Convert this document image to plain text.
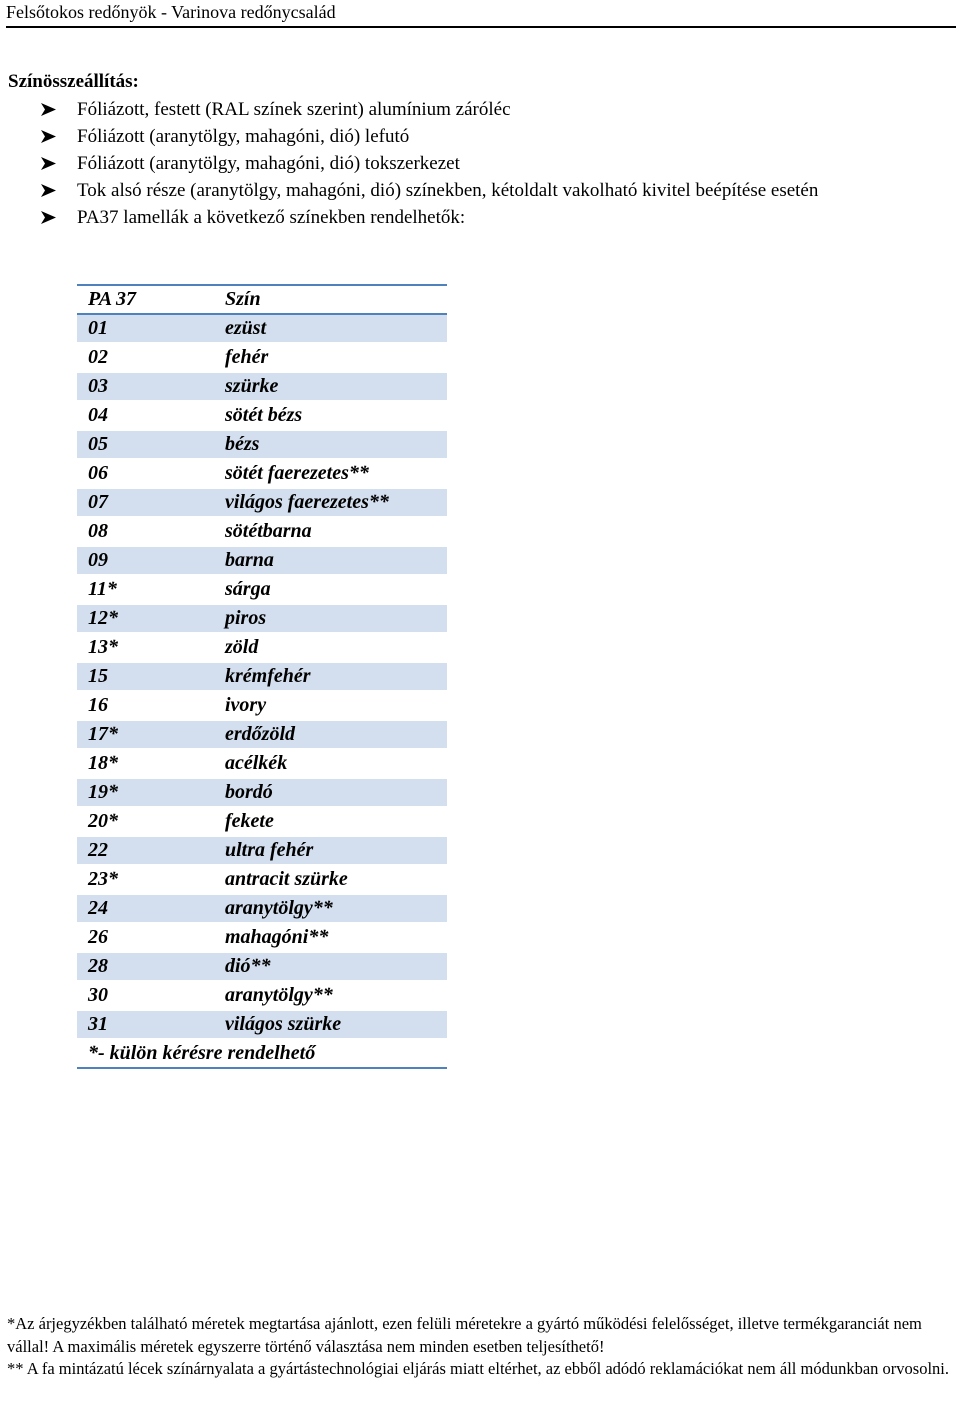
Felsőtokos redőnyök - Varinova redőnycsalád
Színösszeállítás:
Fóliázott, festett (RAL színek szerint) alumínium záróléc
Fóliázott (aranytölgy, mahagóni, dió) lefutó
Fóliázott (aranytölgy, mahagóni, dió) tokszerkezet
Tok alsó része (aranytölgy, mahagóni, dió) színekben, kétoldalt vakolható kivitel beépítése esetén
PA37 lamellák a következő színekben rendelhetők:
PA 37	Szín
01	ezüst
02	fehér
03	szürke
04	sötét bézs
05	bézs
06	sötét faerezetes**
07	világos faerezetes**
08	sötétbarna
09	barna
11*	sárga
12*	piros
13*	zöld
15	krémfehér
16	ivory
17*	erdőzöld
18*	acélkék
19*	bordó
20*	fekete
22	ultra fehér
23*	antracit szürke
24	aranytölgy**
26	mahagóni**
28	dió**
30	aranytölgy**
31	világos szürke
*- külön kérésre rendelhető	

*Az árjegyzékben található méretek megtartása ajánlott, ezen felüli méretekre a gyártó működési felelősséget, illetve termékgaranciát nem vállal! A maximális méretek egyszerre történő választása nem minden esetben teljesíthető!

** A fa mintázatú lécek színárnyalata a gyártástechnológiai eljárás miatt eltérhet, az ebből adódó reklamációkat nem áll módunkban orvosolni.
